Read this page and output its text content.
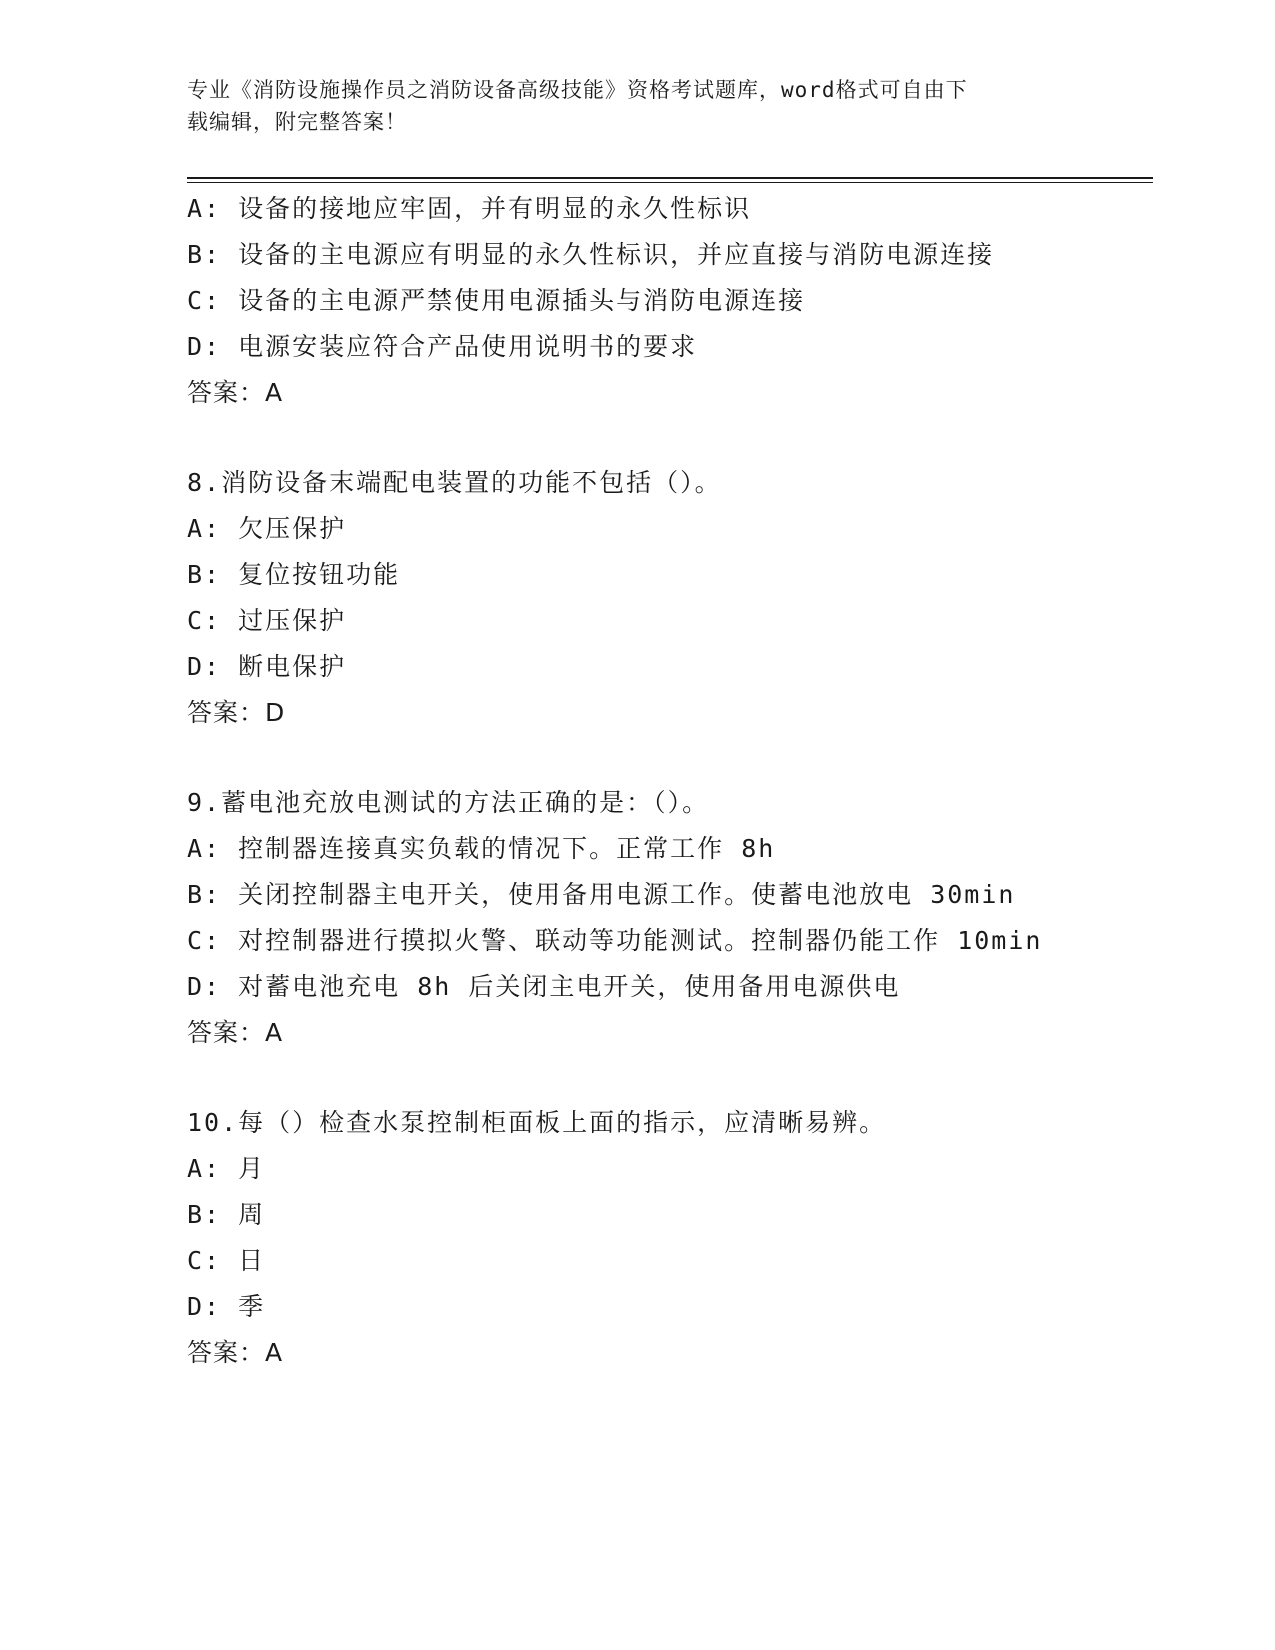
专业《消防设施操作员之消防设备高级技能》资格考试题库，word格式可自由下
载编辑，附完整答案！
A: 设备的接地应牢固，并有明显的永久性标识
B: 设备的主电源应有明显的永久性标识，并应直接与消防电源连接
C: 设备的主电源严禁使用电源插头与消防电源连接
D: 电源安装应符合产品使用说明书的要求
答案：A
8.消防设备末端配电装置的功能不包括（）。
A: 欠压保护
B: 复位按钮功能
C: 过压保护
D: 断电保护
答案：D
9.蓄电池充放电测试的方法正确的是：（）。
A: 控制器连接真实负载的情况下。正常工作 8h
B: 关闭控制器主电开关，使用备用电源工作。使蓄电池放电 30min
C: 对控制器进行摸拟火警、联动等功能测试。控制器仍能工作 10min
D: 对蓄电池充电 8h 后关闭主电开关，使用备用电源供电
答案：A
10.每（）检查水泵控制柜面板上面的指示，应清晰易辨。
A: 月
B: 周
C: 日
D: 季
答案：A
